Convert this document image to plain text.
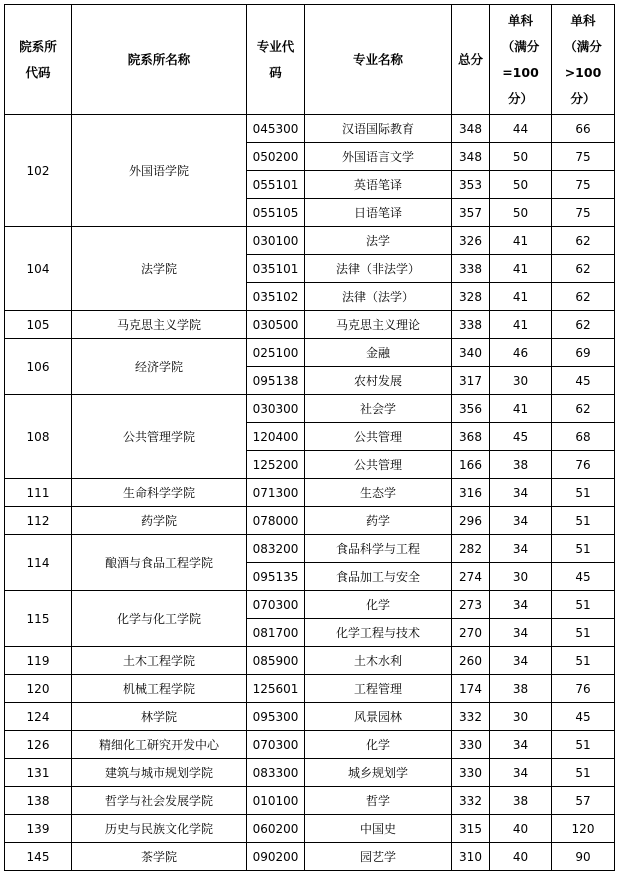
院系所
代码	院系所名称	专业代
码	专业名称	总分	单科
（满分
=100
分）	单科
（满分
>100
分）

102	外国语学院	045300	汉语国际教育	348	44	66
		050200	外国语言文学	348	50	75
		055101	英语笔译	353	50	75
		055105	日语笔译	357	50	75
104	法学院	030100	法学	326	41	62
		035101	法律（非法学）	338	41	62
		035102	法律（法学）	328	41	62
105	马克思主义学院	030500	马克思主义理论	338	41	62
106	经济学院	025100	金融	340	46	69
		095138	农村发展	317	30	45
108	公共管理学院	030300	社会学	356	41	62
		120400	公共管理	368	45	68
		125200	公共管理	166	38	76
111	生命科学学院	071300	生态学	316	34	51
112	药学院	078000	药学	296	34	51
114	酿酒与食品工程学院	083200	食品科学与工程	282	34	51
		095135	食品加工与安全	274	30	45
115	化学与化工学院	070300	化学	273	34	51
		081700	化学工程与技术	270	34	51
119	土木工程学院	085900	土木水利	260	34	51
120	机械工程学院	125601	工程管理	174	38	76
124	林学院	095300	风景园林	332	30	45
126	精细化工研究开发中心	070300	化学	330	34	51
131	建筑与城市规划学院	083300	城乡规划学	330	34	51
138	哲学与社会发展学院	010100	哲学	332	38	57
139	历史与民族文化学院	060200	中国史	315	40	120
145	茶学院	090200	园艺学	310	40	90
